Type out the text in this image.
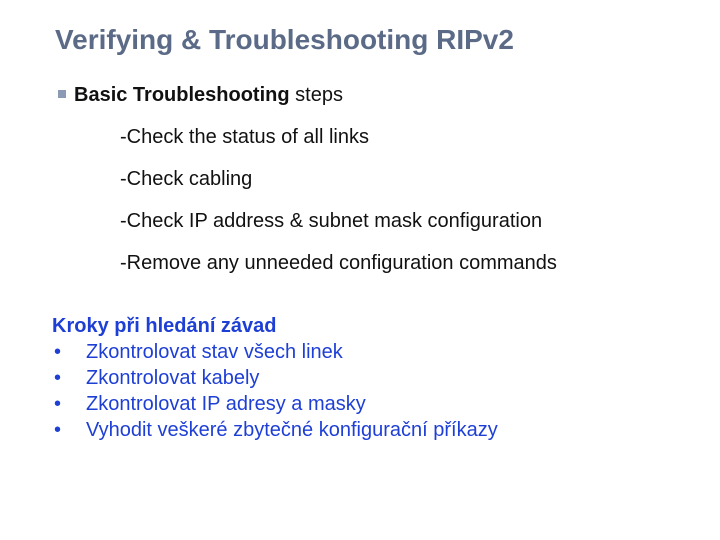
Verifying & Troubleshooting RIPv2
Basic Troubleshooting steps
-Check the status of all links
-Check cabling
-Check IP address & subnet mask configuration
-Remove any unneeded configuration commands
Kroky při hledání závad
• Zkontrolovat stav všech linek
• Zkontrolovat kabely
• Zkontrolovat IP adresy a masky
• Vyhodit veškeré zbytečné konfigurační příkazy
